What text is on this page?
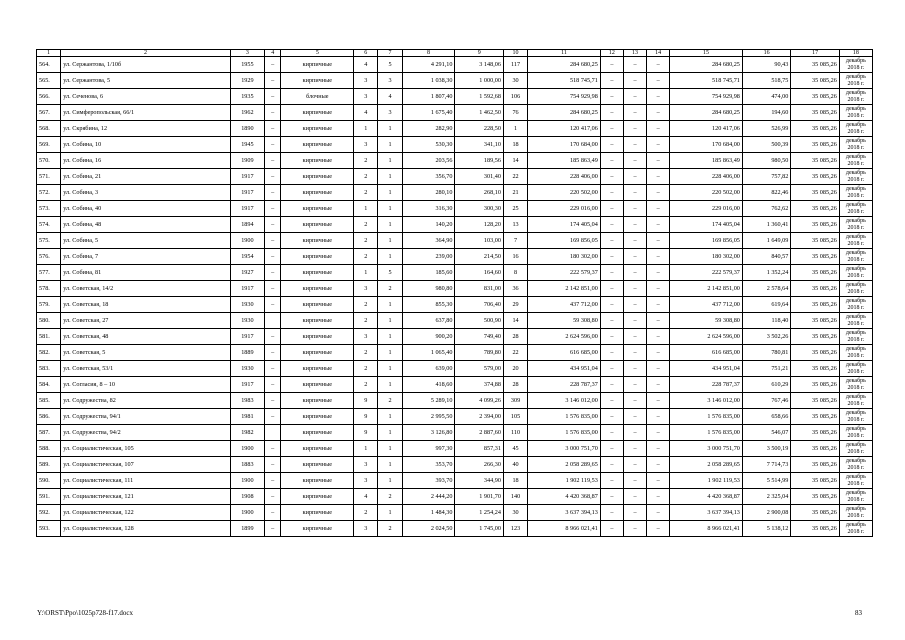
1	2	3	4	5	6	7	8	9	10	11	12	13	14	15	16	17	18
564.	ул. Сержантова, 1/10б	1955	–	кирпичные	4	5	4 291,10	3 148,06	117	284 680,25	–	–	–	284 680,25	90,43	35 085,26	декабрь 2018 г.
565.	ул. Сержантова, 5	1929	–	кирпичные	3	3	1 038,30	1 000,00	30	518 745,71	–	–	–	518 745,71	518,75	35 085,26	декабрь 2018 г.
566.	ул. Сеченова, 6	1935	–	блочные	3	4	1 807,40	1 592,68	106	754 929,98	–	–	–	754 929,98	474,00	35 085,26	декабрь 2018 г.
567.	ул. Симферопольская, 66/1	1962	–	кирпичные	4	3	1 675,40	1 462,50	76	284 680,25	–	–	–	284 680,25	194,60	35 085,26	декабрь 2018 г.
568.	ул. Скрябина, 12	1890	–	кирпичные	1	1	282,90	228,50	1	120 417,06	–	–	–	120 417,06	526,99	35 085,26	декабрь 2018 г.
569.	ул. Собина, 10	1945	–	кирпичные	3	1	530,30	341,10	18	170 684,00	–	–	–	170 684,00	500,39	35 085,26	декабрь 2018 г.
570.	ул. Собина, 16	1909	–	кирпичные	2	1	203,56	189,56	14	185 863,49	–	–	–	185 863,49	980,50	35 085,26	декабрь 2018 г.
571.	ул. Собина, 21	1917	–	кирпичные	2	1	356,70	301,40	22	228 406,00	–	–	–	228 406,00	757,82	35 085,26	декабрь 2018 г.
572.	ул. Собина, 3	1917	–	кирпичные	2	1	280,10	268,10	21	220 502,00	–	–	–	220 502,00	822,46	35 085,26	декабрь 2018 г.
573.	ул. Собина, 40	1917	–	кирпичные	1	1	316,30	300,30	25	229 016,00	–	–	–	229 016,00	762,62	35 085,26	декабрь 2018 г.
574.	ул. Собина, 48	1894	–	кирпичные	2	1	140,20	128,20	13	174 405,04	–	–	–	174 405,04	1 360,41	35 085,26	декабрь 2018 г.
575.	ул. Собина, 5	1900	–	кирпичные	2	1	364,90	103,00	7	169 856,05	–	–	–	169 856,05	1 649,09	35 085,26	декабрь 2018 г.
576.	ул. Собина, 7	1954	–	кирпичные	2	1	239,00	214,50	16	180 302,00	–	–	–	180 302,00	840,57	35 085,26	декабрь 2018 г.
577.	ул. Собина, 81	1927	–	кирпичные	1	5	185,60	164,60	8	222 579,37	–	–	–	222 579,37	1 352,24	35 085,26	декабрь 2018 г.
578.	ул. Советская, 14/2	1917	–	кирпичные	3	2	980,80	831,00	36	2 142 851,00	–	–	–	2 142 851,00	2 578,64	35 085,26	декабрь 2018 г.
579.	ул. Советская, 18	1930	–	кирпичные	2	1	855,30	706,40	29	437 712,00	–	–	–	437 712,00	619,64	35 085,26	декабрь 2018 г.
580.	ул. Советская, 27	1930		кирпичные	2	1	637,80	500,90	14	59 308,80	–	–	–	59 308,80	118,40	35 085,26	декабрь 2018 г.
581.	ул. Советская, 48	1917	–	кирпичные	3	1	900,20	749,40	28	2 624 596,00	–	–	–	2 624 596,00	3 502,26	35 085,26	декабрь 2018 г.
582.	ул. Советская, 5	1889	–	кирпичные	2	1	1 065,40	789,80	22	616 685,00	–	–	–	616 685,00	780,81	35 085,26	декабрь 2018 г.
583.	ул. Советская, 53/1	1930	–	кирпичные	2	1	639,00	579,00	20	434 951,04	–	–	–	434 951,04	751,21	35 085,26	декабрь 2018 г.
584.	ул. Согласия, 8 – 10	1917	–	кирпичные	2	1	418,60	374,88	28	228 787,37	–	–	–	228 787,37	610,29	35 085,26	декабрь 2018 г.
585.	ул. Содружества, 82	1983	–	кирпичные	9	2	5 289,10	4 099,26	309	3 146 012,00	–	–	–	3 146 012,00	767,46	35 085,26	декабрь 2018 г.
586.	ул. Содружества, 94/1	1981	–	кирпичные	9	1	2 995,50	2 394,00	105	1 576 835,00	–	–	–	1 576 835,00	658,66	35 085,26	декабрь 2018 г.
587.	ул. Содружества, 94/2	1982		кирпичные	9	1	3 126,80	2 887,60	110	1 576 835,00	–	–	–	1 576 835,00	546,07	35 085,26	декабрь 2018 г.
588.	ул. Социалистическая, 105	1900	–	кирпичные	1	1	997,30	857,31	45	3 000 751,70	–	–	–	3 000 751,70	3 500,19	35 085,26	декабрь 2018 г.
589.	ул. Социалистическая, 107	1883	–	кирпичные	3	1	353,70	266,30	40	2 058 289,65	–	–	–	2 058 289,65	7 714,73	35 085,26	декабрь 2018 г.
590.	ул. Социалистическая, 111	1900	–	кирпичные	3	1	393,70	344,90	18	1 902 119,53	–	–	–	1 902 119,53	5 514,99	35 085,26	декабрь 2018 г.
591.	ул. Социалистическая, 121	1908	–	кирпичные	4	2	2 444,20	1 901,70	140	4 420 368,87	–	–	–	4 420 368,87	2 325,04	35 085,26	декабрь 2018 г.
592.	ул. Социалистическая, 122	1900	–	кирпичные	2	1	1 484,30	1 254,24	30	3 637 394,13	–	–	–	3 637 394,13	2 900,08	35 085,26	декабрь 2018 г.
593.	ул. Социалистическая, 128	1899	–	кирпичные	3	2	2 024,50	1 745,00	123	8 966 021,41	–	–	–	8 966 021,41	5 138,12	35 085,26	декабрь 2018 г.
Y:\ORST\Ppo\1025p728-f17.docx	83
